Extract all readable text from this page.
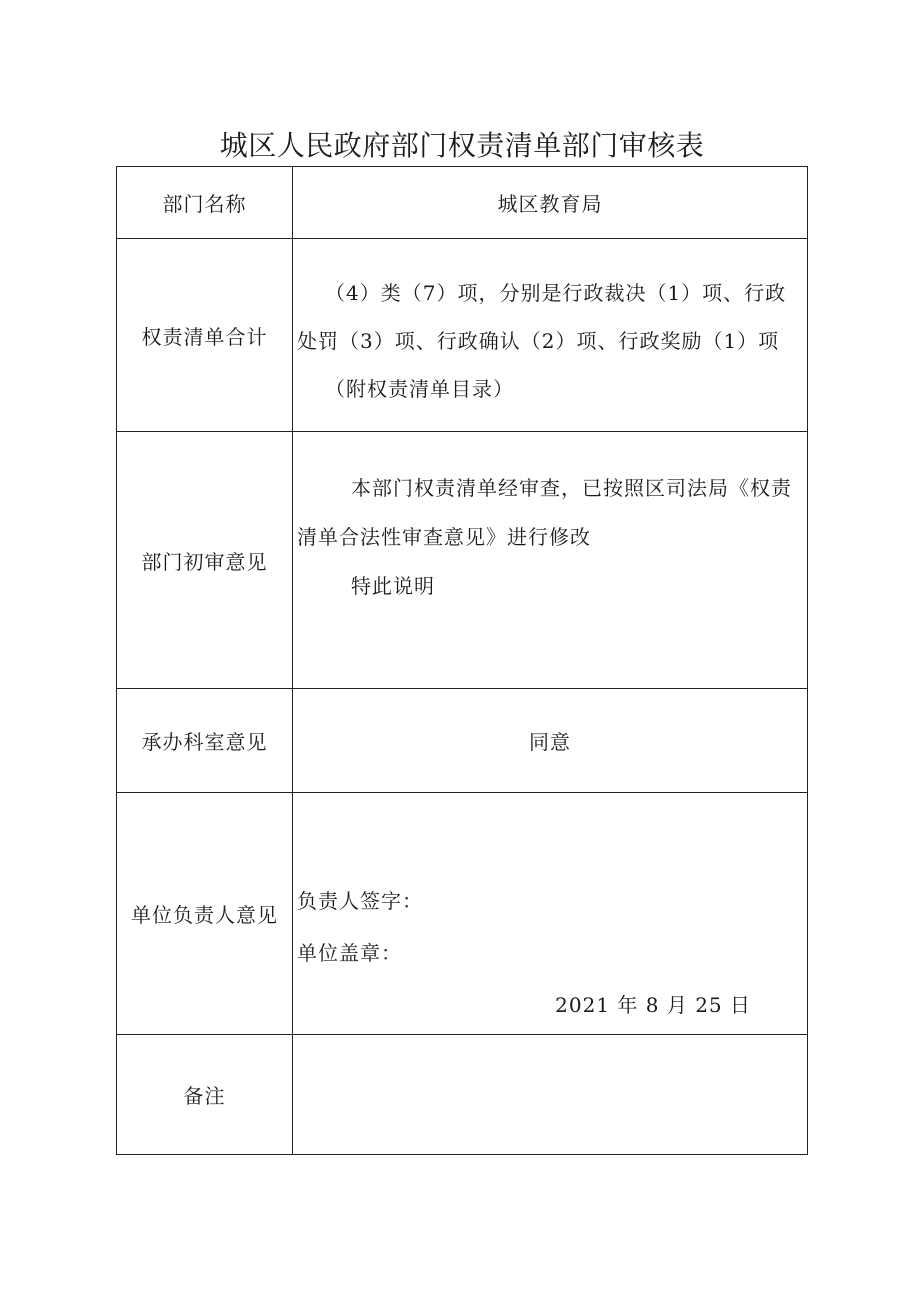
城区人民政府部门权责清单部门审核表
部门名称	城区教育局
权责清单合计	（4）类（7）项，分别是行政裁决（1）项、行政处罚（3）项、行政确认（2）项、行政奖励（1）项

（附权责清单目录）

部门初审意见	本部门权责清单经审查，已按照区司法局《权责清单合法性审查意见》进行修改

特此说明

承办科室意见	同意
单位负责人意见	负责人签字：

单位盖章：

2021 年 8 月 25 日

备注	
